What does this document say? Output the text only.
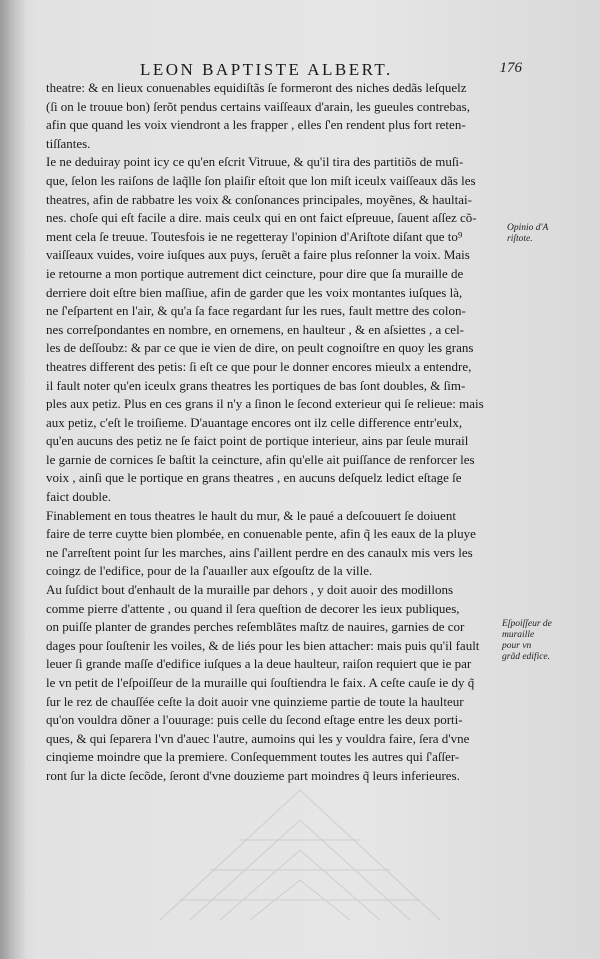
LEON BAPTISTE ALBERT.	176
theatre: & en lieux conuenables equidiſtãs ſe formeront des niches dedãs leſquelz
(ſi on le trouue bon) ſerõt pendus certains vaiſſeaux d'arain, les gueules contrebas,
afin que quand les voix viendront a les frapper , elles ſ'en rendent plus fort reten-
tiſſantes.
Ie ne deduiray point icy ce qu'en eſcrit Vitruue, & qu'il tira des partitiõs de muſi-
que, ſelon les raiſons de laq̃lle ſon plaiſir eſtoit que lon miſt iceulx vaiſſeaux dãs les
theatres, afin de rabbatre les voix & conſonances principales, moyẽnes, & haultai-
nes. choſe qui eſt facile a dire. mais ceulx qui en ont faict eſpreuue, ſauent aſſez cõ-
ment cela ſe treuue. Toutesfois ie ne regetteray l'opinion d'Ariſtote diſant que to⁹
vaiſſeaux vuides, voire iuſques aux puys, ſeruẽt a faire plus reſonner la voix. Mais
ie retourne a mon portique autrement dict ceincture, pour dire que ſa muraille de
derriere doit eſtre bien maſſiue, afin de garder que les voix montantes iuſques là,
ne ſ'eſpartent en l'air, & qu'a ſa face regardant ſur les rues, fault mettre des colon-
nes correſpondantes en nombre, en ornemens, en haulteur , & en aſsiettes , a cel-
les de deſſoubz: & par ce que ie vien de dire, on peult cognoiſtre en quoy les grans
theatres different des petis: ſi eſt ce que pour le donner encores mieulx a entendre,
il fault noter qu'en iceulx grans theatres les portiques de bas ſont doubles, & ſim-
ples aux petiz. Plus en ces grans il n'y a ſinon le ſecond exterieur qui ſe relieue: mais
aux petiz, c'eſt le troiſieme. D'auantage encores ont ilz celle difference entr'eulx,
qu'en aucuns des petiz ne ſe faict point de portique interieur, ains par ſeule murail
le garnie de cornices ſe baſtit la ceincture, afin qu'elle ait puiſſance de renforcer les
voix , ainſi que le portique en grans theatres , en aucuns deſquelz ledict eſtage ſe
faict double.
Finablement en tous theatres le hault du mur, & le paué a deſcouuert ſe doiuent
faire de terre cuytte bien plombée, en conuenable pente, afin q̃ les eaux de la pluye
ne ſ'arreſtent point ſur les marches, ains ſ'aillent perdre en des canaulx mis vers les
coingz de l'edifice, pour de la ſ'auaıller aux eſgouſtz de la ville.
Au ſuſdict bout d'enhault de la muraille par dehors , y doit auoir des modillons
comme pierre d'attente , ou quand il ſera queſtion de decorer les ieux publiques,
on puiſſe planter de grandes perches reſemblãtes maſtz de nauires, garnies de cor
dages pour ſouſtenir les voiles, & de liés pour les bien attacher: mais puis qu'il fault
leuer ſi grande maſſe d'edifice iuſques a la deue haulteur, raiſon requiert que ie par
le vn petit de l'eſpoiſſeur de la muraille qui ſouſtiendra le faix. A ceſte cauſe ie dy q̃
ſur le rez de chauſſée ceſte la doit auoir vne quinzieme partie de toute la haulteur
qu'on vouldra dõner a l'ouurage: puis celle du ſecond eſtage entre les deux porti-
ques, & qui ſeparera l'vn d'auec l'autre, aumoins qui les y vouldra faire, ſera d'vne
cinqieme moindre que la premiere. Conſequemment toutes les autres qui ſ'aſſer-
ront ſur la dicte ſecõde, ſeront d'vne douzieme part moindres q̃ leurs inferieures.
Opinio d'A
riſtote.
Eſpoiſſeur de
muraille
pour vn
grãd edifice.
